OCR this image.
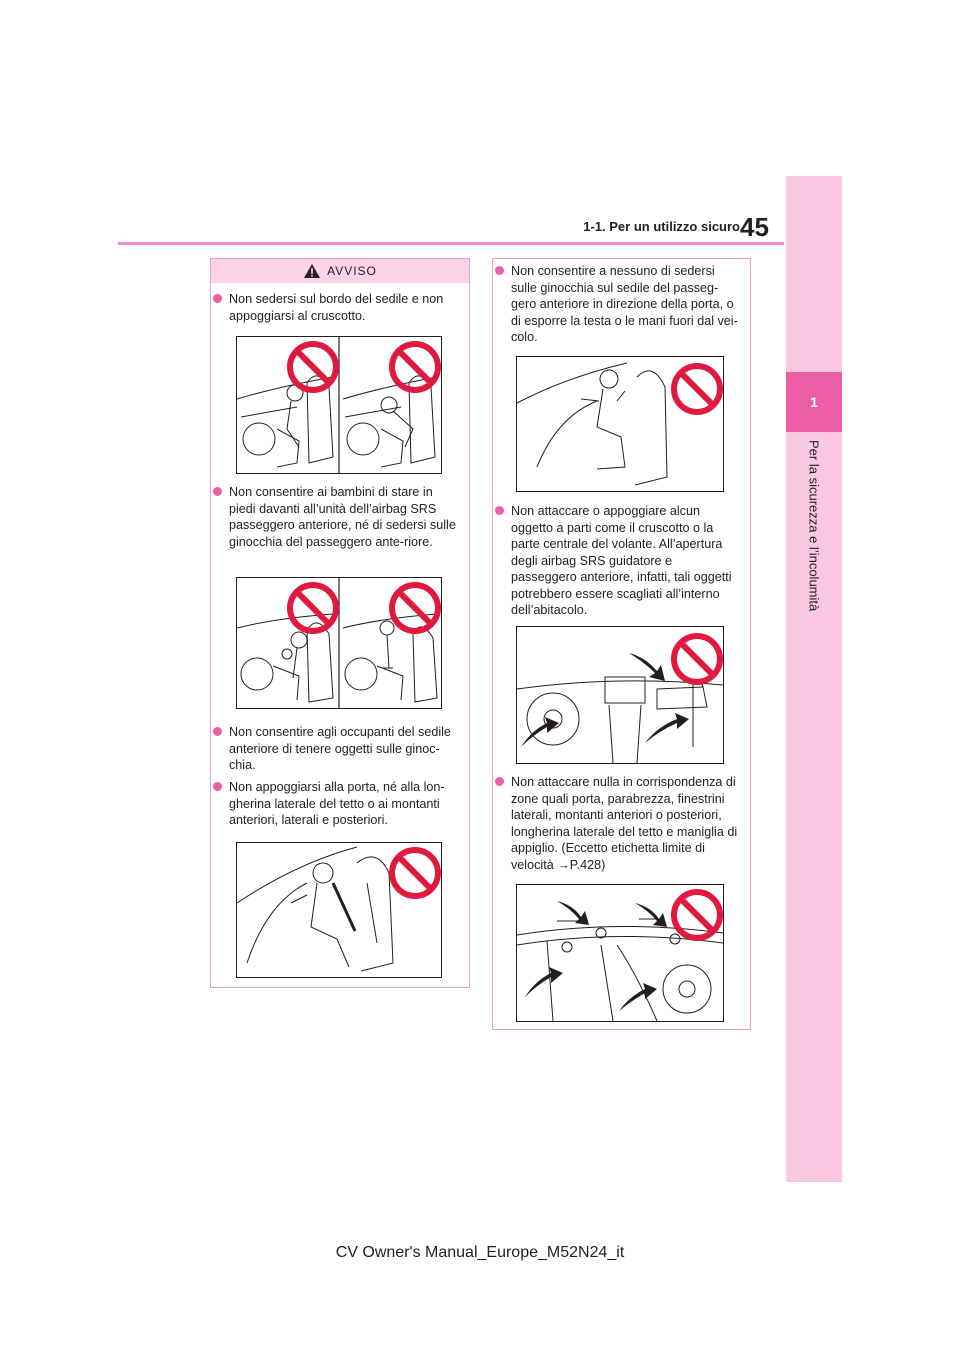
1-1. Per un utilizzo sicuro 45
1
Per la sicurezza e l’incolumità
AVVISO
Non sedersi sul bordo del sedile e non appoggiarsi al cruscotto.
Non consentire ai bambini di stare in piedi davanti all’unità dell’airbag SRS passeggero anteriore, né di sedersi sulle ginocchia del passeggero ante-riore.
Non consentire agli occupanti del sedile anteriore di tenere oggetti sulle ginoc-chia.
Non appoggiarsi alla porta, né alla lon-gherina laterale del tetto o ai montanti anteriori, laterali e posteriori.
Non consentire a nessuno di sedersi sulle ginocchia sul sedile del passeg-gero anteriore in direzione della porta, o di esporre la testa o le mani fuori dal vei-colo.
Non attaccare o appoggiare alcun oggetto a parti come il cruscotto o la parte centrale del volante. All’apertura degli airbag SRS guidatore e passeggero anteriore, infatti, tali oggetti potrebbero essere scagliati all’interno dell’abitacolo.
Non attaccare nulla in corrispondenza di zone quali porta, parabrezza, finestrini laterali, montanti anteriori o posteriori, longherina laterale del tetto e maniglia di appiglio. (Eccetto etichetta limite di velocità →P.428)
CV Owner's Manual_Europe_M52N24_it
